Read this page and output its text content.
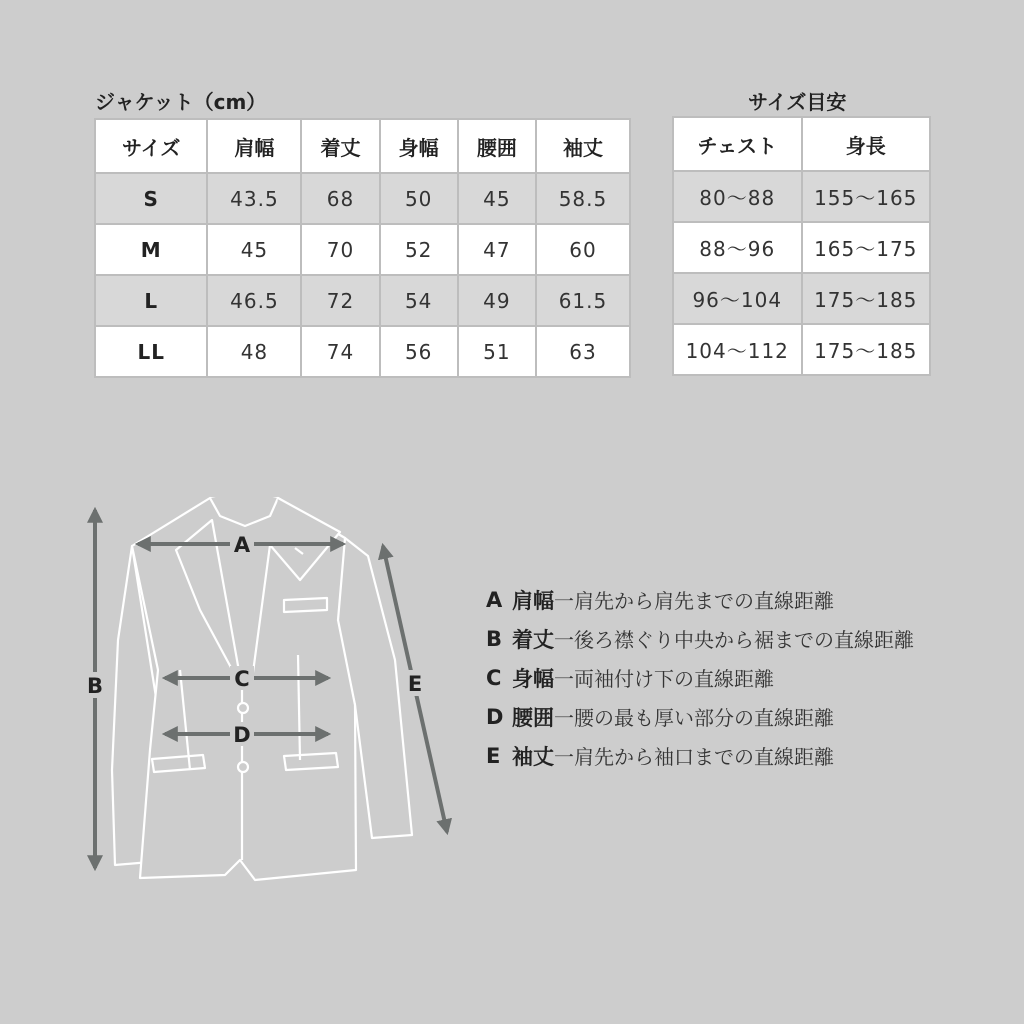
ジャケット（cm）	サイズ目安
サイズ	肩幅	着丈	身幅	腰囲	袖丈
S	43.5	68	50	45	58.5
M	45	70	52	47	60
L	46.5	72	54	49	61.5
LL	48	74	56	51	63
チェスト	身長
80～88	155～165
88～96	165～175
96～104	175～185
104～112	175～185
A
B	C
D
E
A 肩幅 一肩先から肩先までの直線距離
B 着丈 一後ろ襟ぐり中央から裾までの直線距離
C 身幅 一両袖付け下の直線距離
D 腰囲 一腰の最も厚い部分の直線距離
E 袖丈 一肩先から袖口までの直線距離
